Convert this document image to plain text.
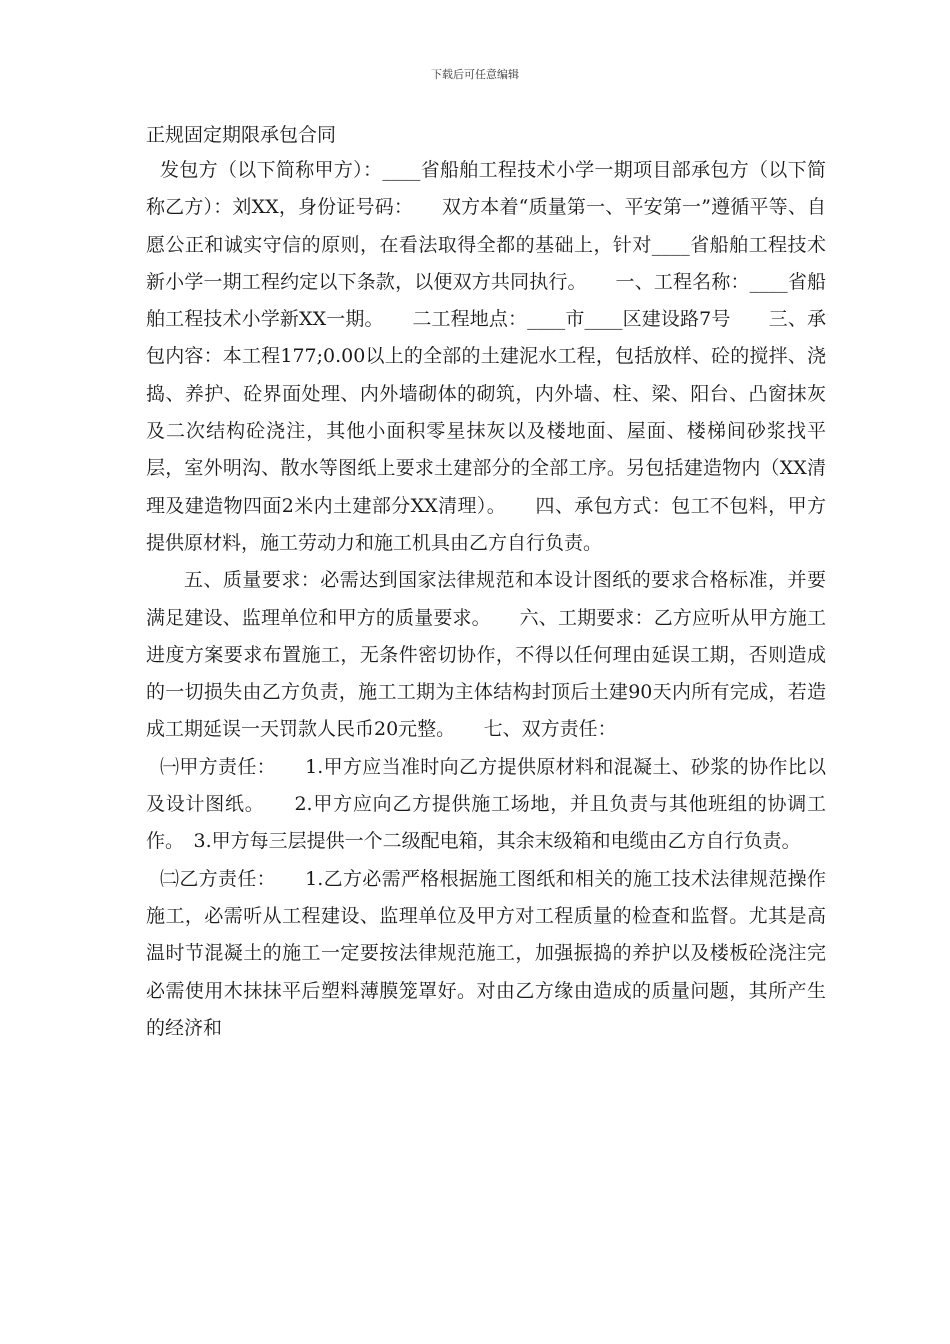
下载后可任意编辑
正规固定期限承包合同

发包方（以下简称甲方）：____省船舶工程技术小学一期项目部承包方（以下简称乙方）：刘XX，身份证号码：　　双方本着“质量第一、平安第一”遵循平等、自愿公正和诚实守信的原则，在看法取得全都的基础上，针对____省船舶工程技术新小学一期工程约定以下条款，以便双方共同执行。　　一、工程名称：____省船舶工程技术小学新XX一期。　　二工程地点：____市____区建设路7号　　三、承包内容：本工程177;0.00以上的全部的土建泥水工程，包括放样、砼的搅拌、浇捣、养护、砼界面处理、内外墙砌体的砌筑，内外墙、柱、梁、阳台、凸窗抹灰及二次结构砼浇注，其他小面积零星抹灰以及楼地面、屋面、楼梯间砂浆找平层，室外明沟、散水等图纸上要求土建部分的全部工序。另包括建造物内（XX清理及建造物四面2米内土建部分XX清理）。　　四、承包方式：包工不包料，甲方提供原材料，施工劳动力和施工机具由乙方自行负责。

五、质量要求：必需达到国家法律规范和本设计图纸的要求合格标准，并要满足建设、监理单位和甲方的质量要求。　　六、工期要求：乙方应听从甲方施工进度方案要求布置施工，无条件密切协作，不得以任何理由延误工期，否则造成的一切损失由乙方负责，施工工期为主体结构封顶后土建90天内所有完成，若造成工期延误一天罚款人民币20元整。　　七、双方责任：

㈠甲方责任：　　1.甲方应当准时向乙方提供原材料和混凝土、砂浆的协作比以及设计图纸。　　2.甲方应向乙方提供施工场地，并且负责与其他班组的协调工作。　3.甲方每三层提供一个二级配电箱，其余末级箱和电缆由乙方自行负责。

㈡乙方责任：　　1.乙方必需严格根据施工图纸和相关的施工技术法律规范操作施工，必需听从工程建设、监理单位及甲方对工程质量的检查和监督。尤其是高温时节混凝土的施工一定要按法律规范施工，加强振捣的养护以及楼板砼浇注完必需使用木抹抹平后塑料薄膜笼罩好。对由乙方缘由造成的质量问题，其所产生的经济和
